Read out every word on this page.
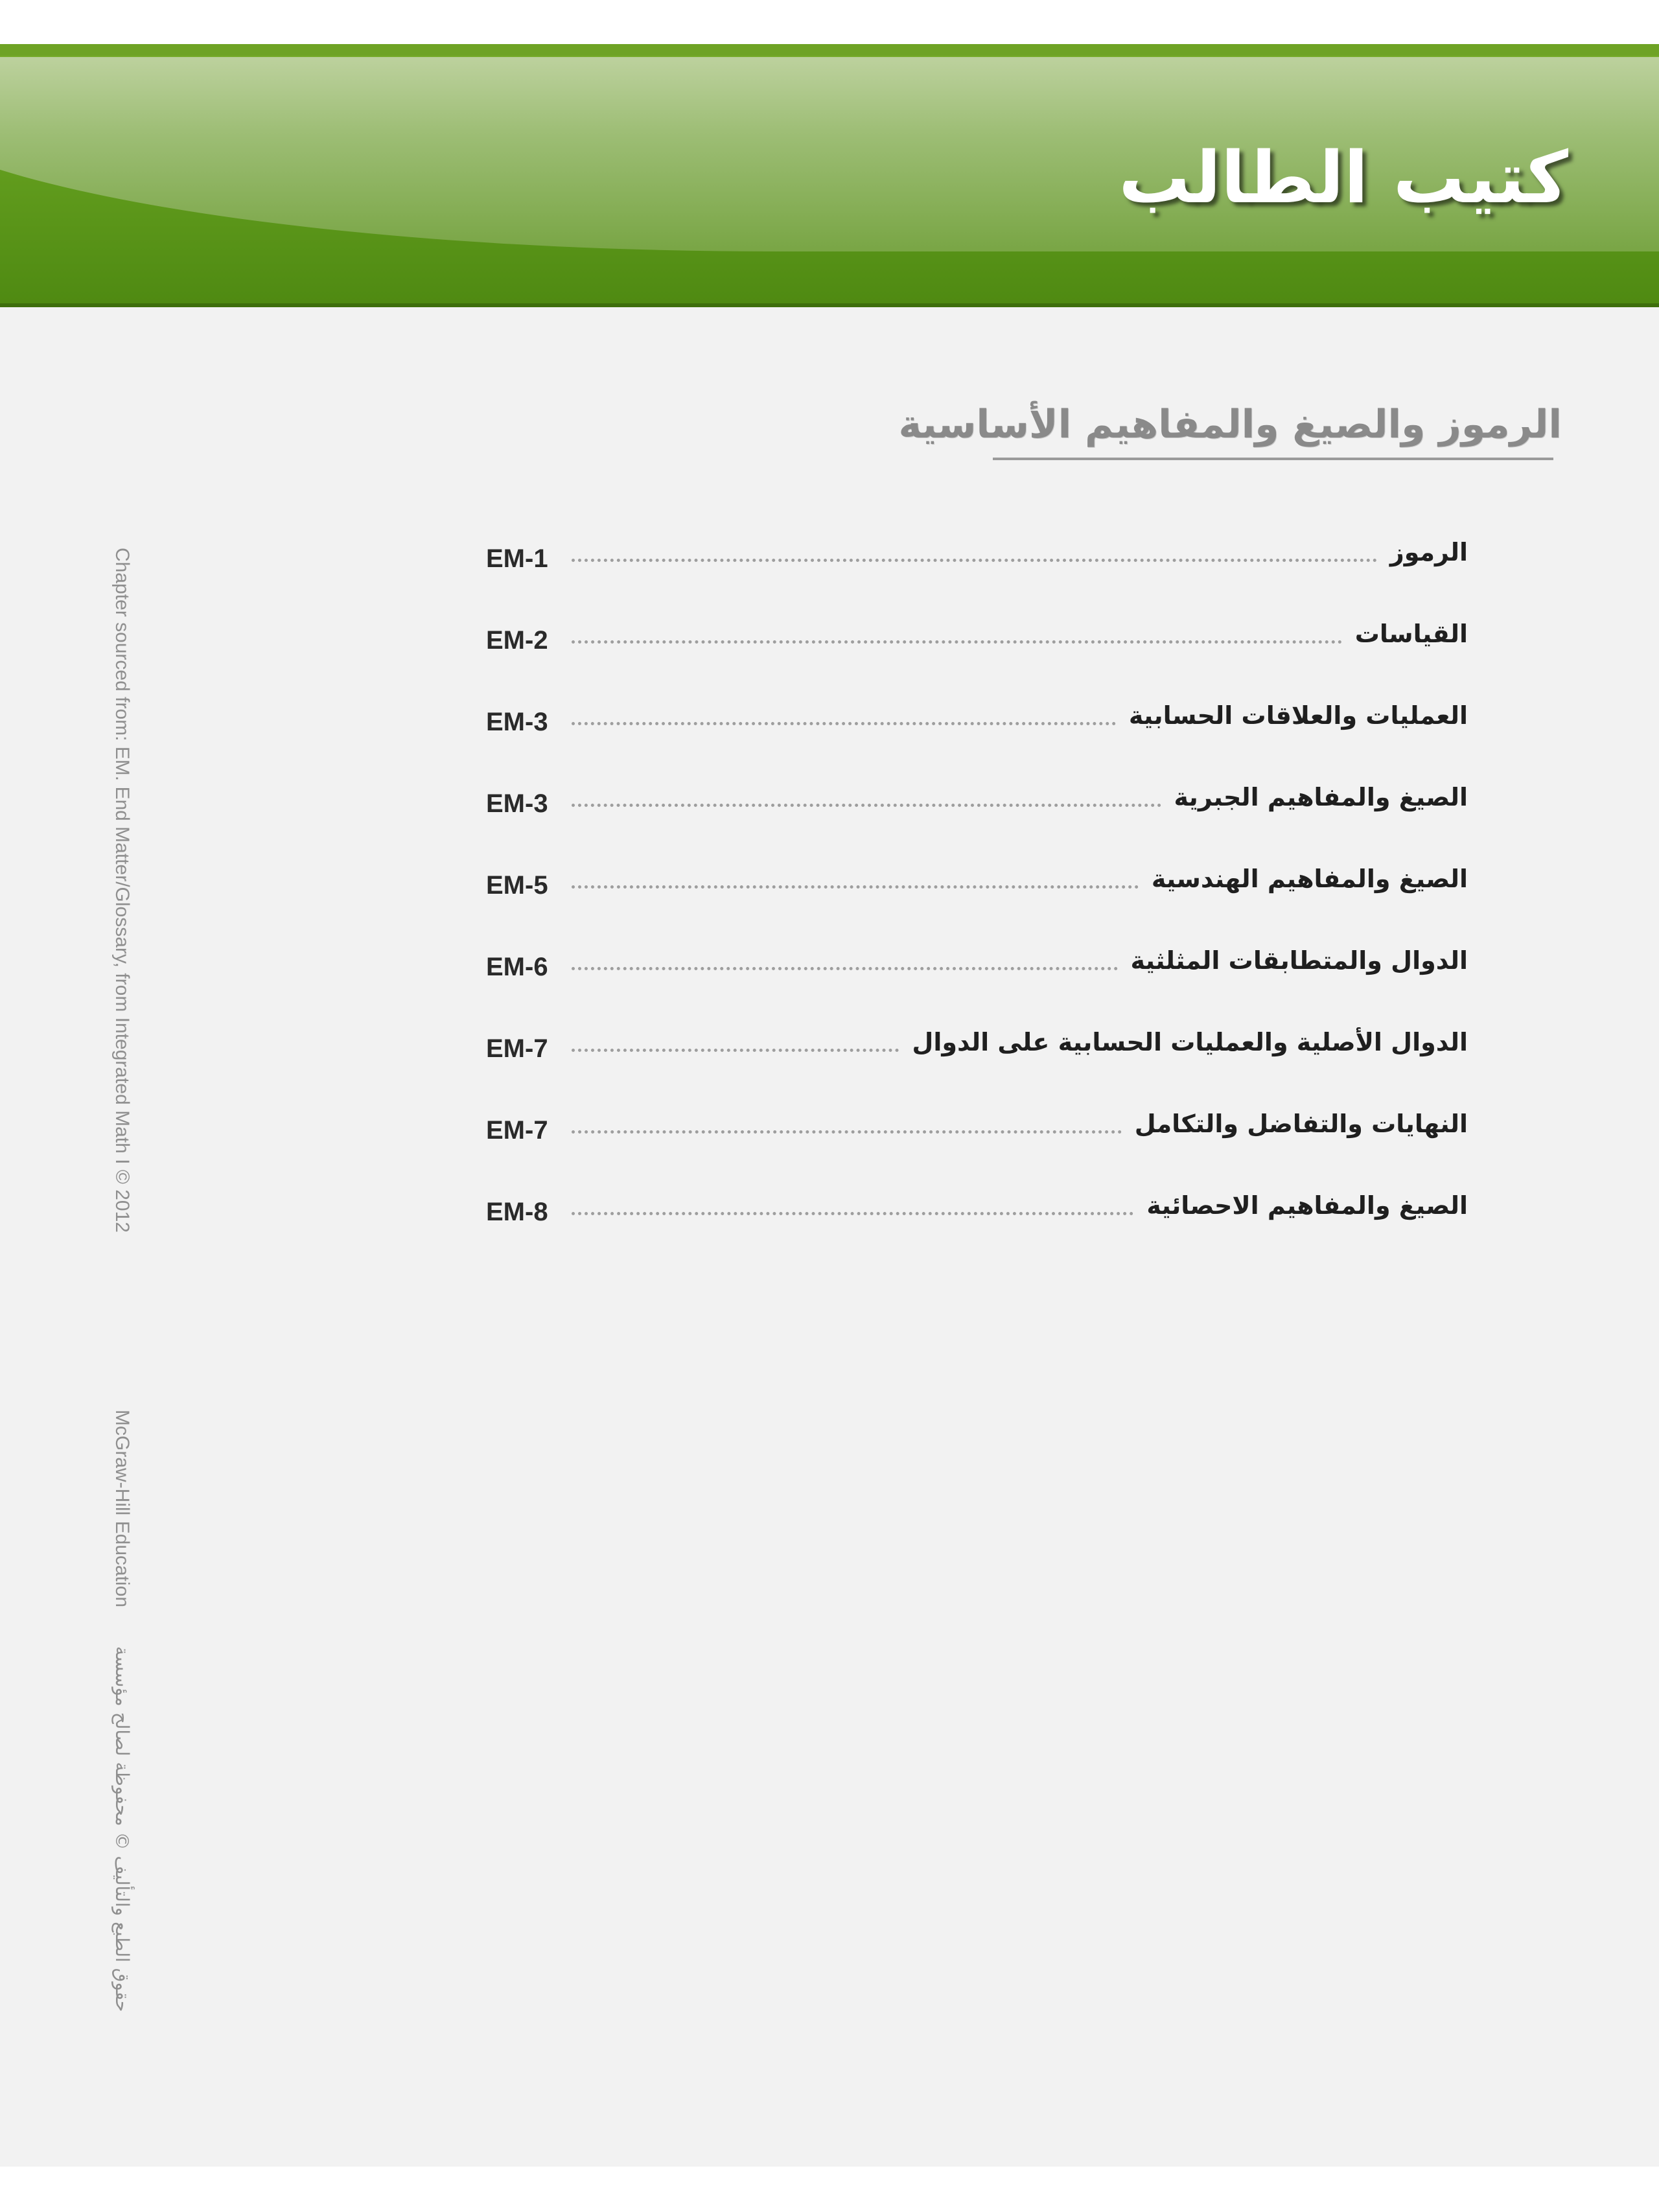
كتيب الطالب
الرموز والصيغ والمفاهيم الأساسية
الرموز
EM-1
القياسات
EM-2
العمليات والعلاقات الحسابية
EM-3
الصيغ والمفاهيم الجبرية
EM-3
الصيغ والمفاهيم الهندسية
EM-5
الدوال والمتطابقات المثلثية
EM-6
الدوال الأصلية والعمليات الحسابية على الدوال
EM-7
النهايات والتفاضل والتكامل
EM-7
الصيغ والمفاهيم الاحصائية
EM-8
Chapter sourced from: EM. End Matter/Glossary, from Integrated Math I © 2012
McGraw-Hill Education
حقوق الطبع والتأليف © محفوظة لصالح مؤسسة
